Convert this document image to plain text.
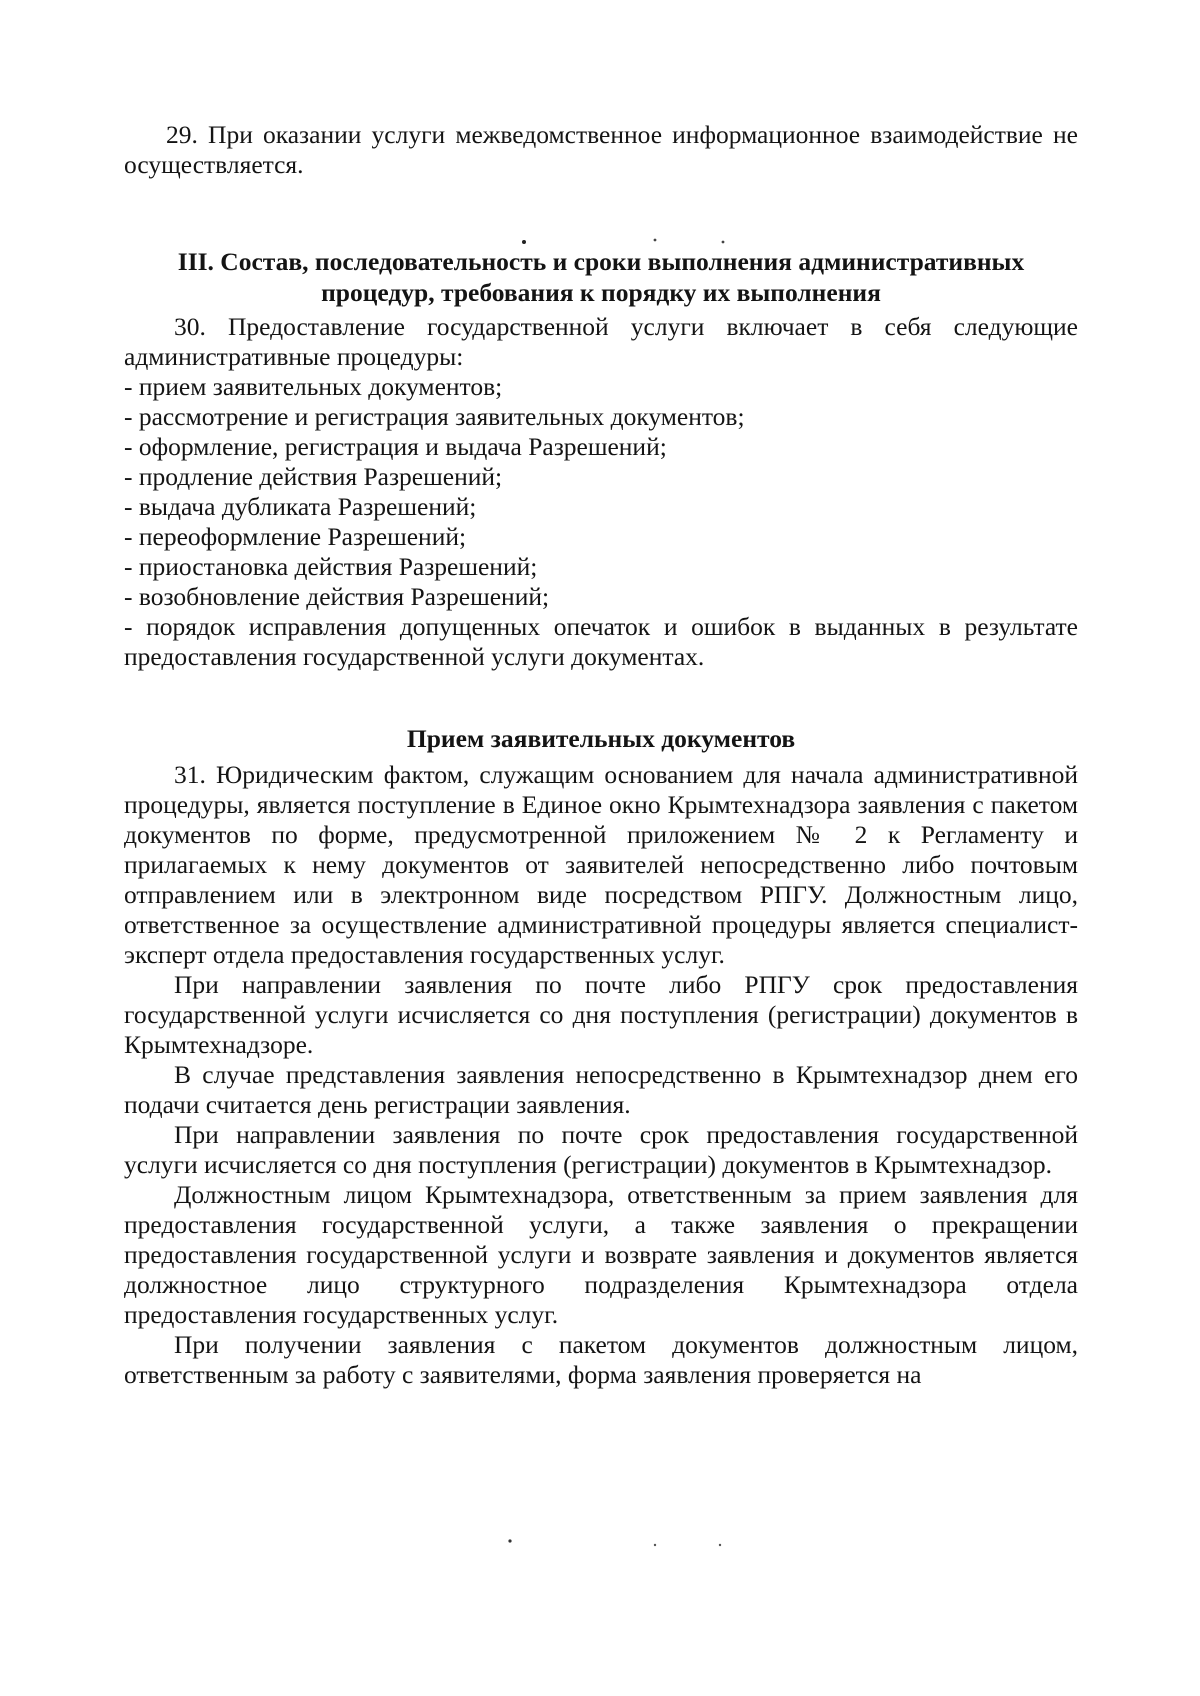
29. При оказании услуги межведомственное информационное взаимодействие не осуществляется.

III. Состав, последовательность и сроки выполнения административных процедур, требования к порядку их выполнения

30. Предоставление государственной услуги включает в себя следующие административные процедуры:

- прием заявительных документов;

- рассмотрение и регистрация заявительных документов;

- оформление, регистрация и выдача Разрешений;

- продление действия Разрешений;

- выдача дубликата Разрешений;

- переоформление Разрешений;

- приостановка действия Разрешений;

- возобновление действия Разрешений;

- порядок исправления допущенных опечаток и ошибок в выданных в результате предоставления государственной услуги документах.

Прием заявительных документов

31. Юридическим фактом, служащим основанием для начала административной процедуры, является поступление в Единое окно Крымтехнадзора заявления с пакетом документов по форме, предусмотренной приложением № 2 к Регламенту и прилагаемых к нему документов от заявителей непосредственно либо почтовым отправлением или в электронном виде посредством РПГУ. Должностным лицо, ответственное за осуществление административной процедуры является специалист- эксперт отдела предоставления государственных услуг.

При направлении заявления по почте либо РПГУ срок предоставления государственной услуги исчисляется со дня поступления (регистрации) документов в Крымтехнадзоре.

В случае представления заявления непосредственно в Крымтехнадзор днем его подачи считается день регистрации заявления.

При направлении заявления по почте срок предоставления государственной услуги исчисляется со дня поступления (регистрации) документов в Крымтехнадзор.

Должностным лицом Крымтехнадзора, ответственным за прием заявления для предоставления государственной услуги, а также заявления о прекращении предоставления государственной услуги и возврате заявления и документов является должностное лицо структурного подразделения Крымтехнадзора отдела предоставления государственных услуг.

При получении заявления с пакетом документов должностным лицом, ответственным за работу с заявителями, форма заявления проверяется на
